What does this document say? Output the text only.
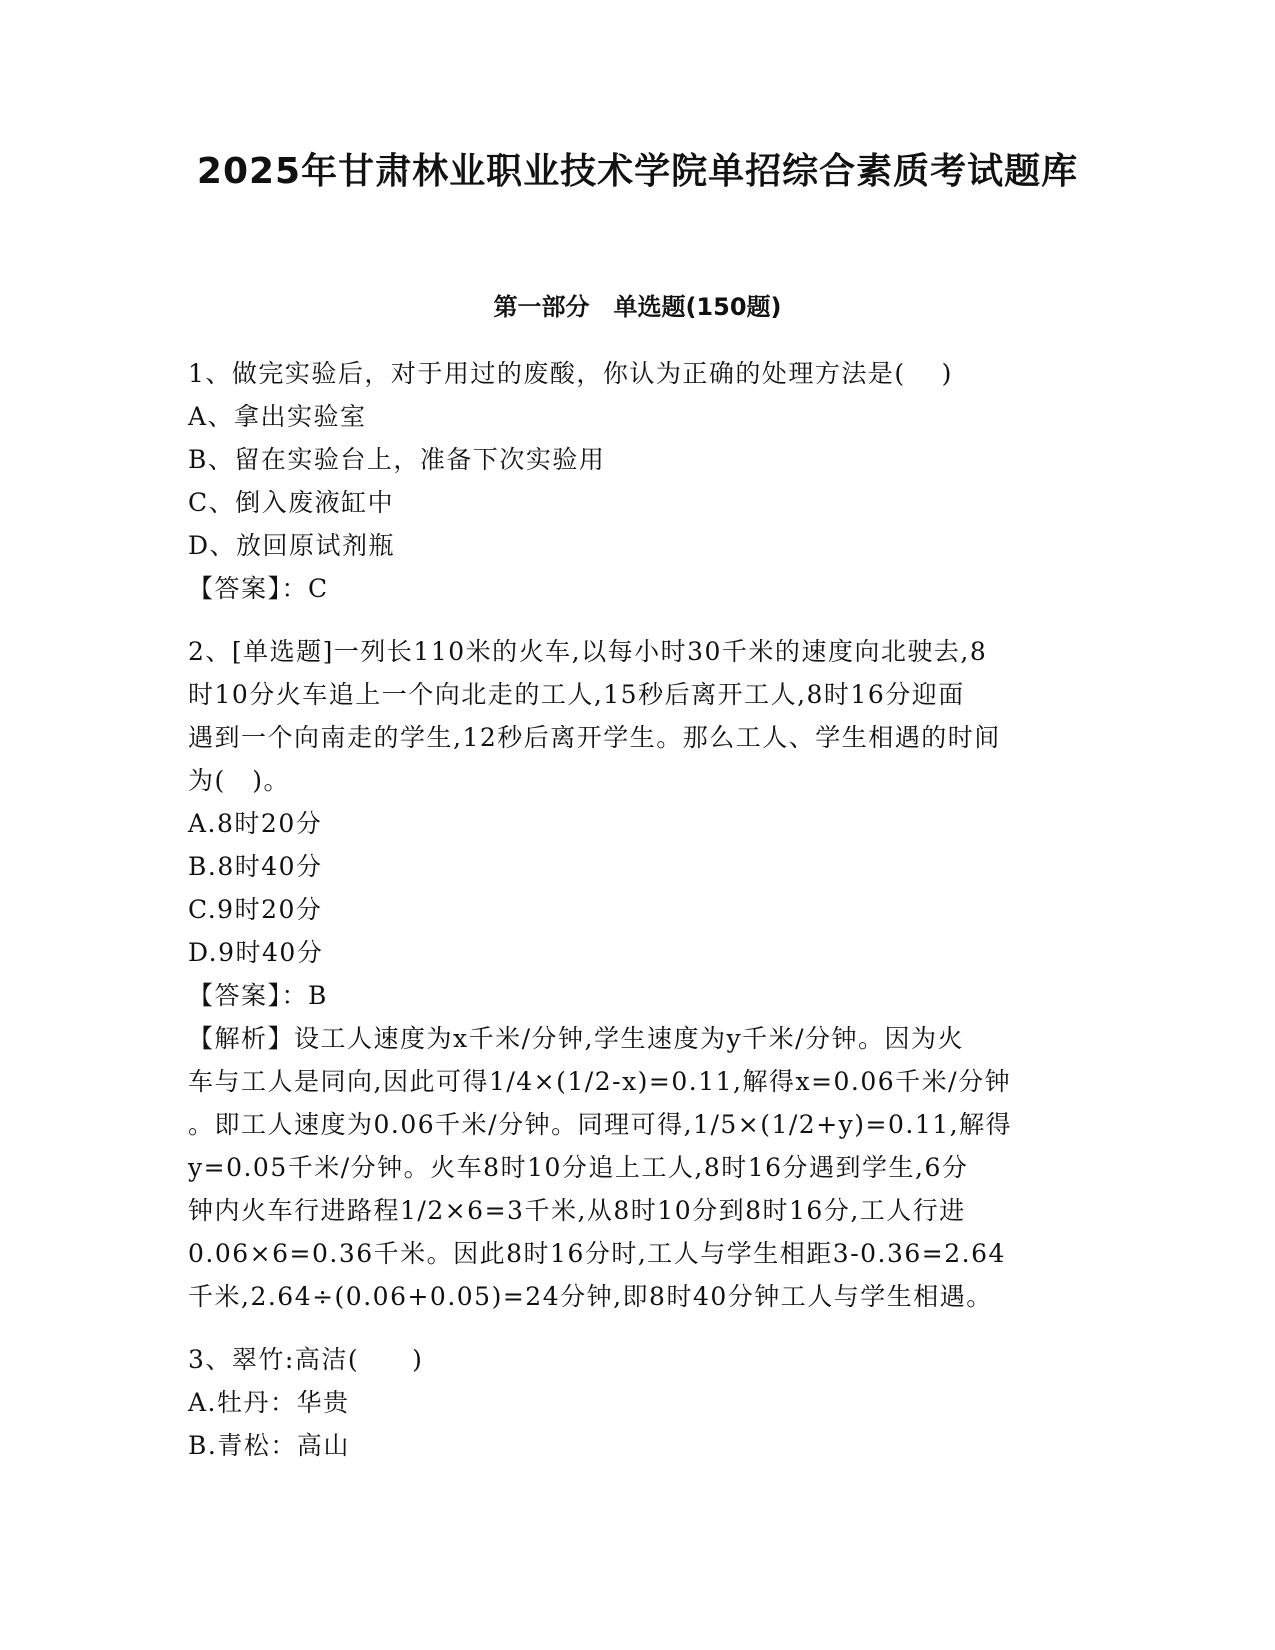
2025年甘肃林业职业技术学院单招综合素质考试题库
第一部分　单选题(150题)
1、做完实验后，对于用过的废酸，你认为正确的处理方法是(　 )
A、拿出实验室
B、留在实验台上，准备下次实验用
C、倒入废液缸中
D、放回原试剂瓶
【答案】：C
2、[单选题]一列长110米的火车,以每小时30千米的速度向北驶去,8
时10分火车追上一个向北走的工人,15秒后离开工人,8时16分迎面
遇到一个向南走的学生,12秒后离开学生。那么工人、学生相遇的时间
为(　)。
A.8时20分
B.8时40分
C.9时20分
D.9时40分
【答案】：B
【解析】设工人速度为x千米/分钟,学生速度为y千米/分钟。因为火
车与工人是同向,因此可得1/4×(1/2-x)=0.11,解得x=0.06千米/分钟
。即工人速度为0.06千米/分钟。同理可得,1/5×(1/2+y)=0.11,解得
y=0.05千米/分钟。火车8时10分追上工人,8时16分遇到学生,6分
钟内火车行进路程1/2×6=3千米,从8时10分到8时16分,工人行进
0.06×6=0.36千米。因此8时16分时,工人与学生相距3-0.36=2.64
千米,2.64÷(0.06+0.05)=24分钟,即8时40分钟工人与学生相遇。
3、翠竹:高洁(　　)
A.牡丹：华贵
B.青松：高山
